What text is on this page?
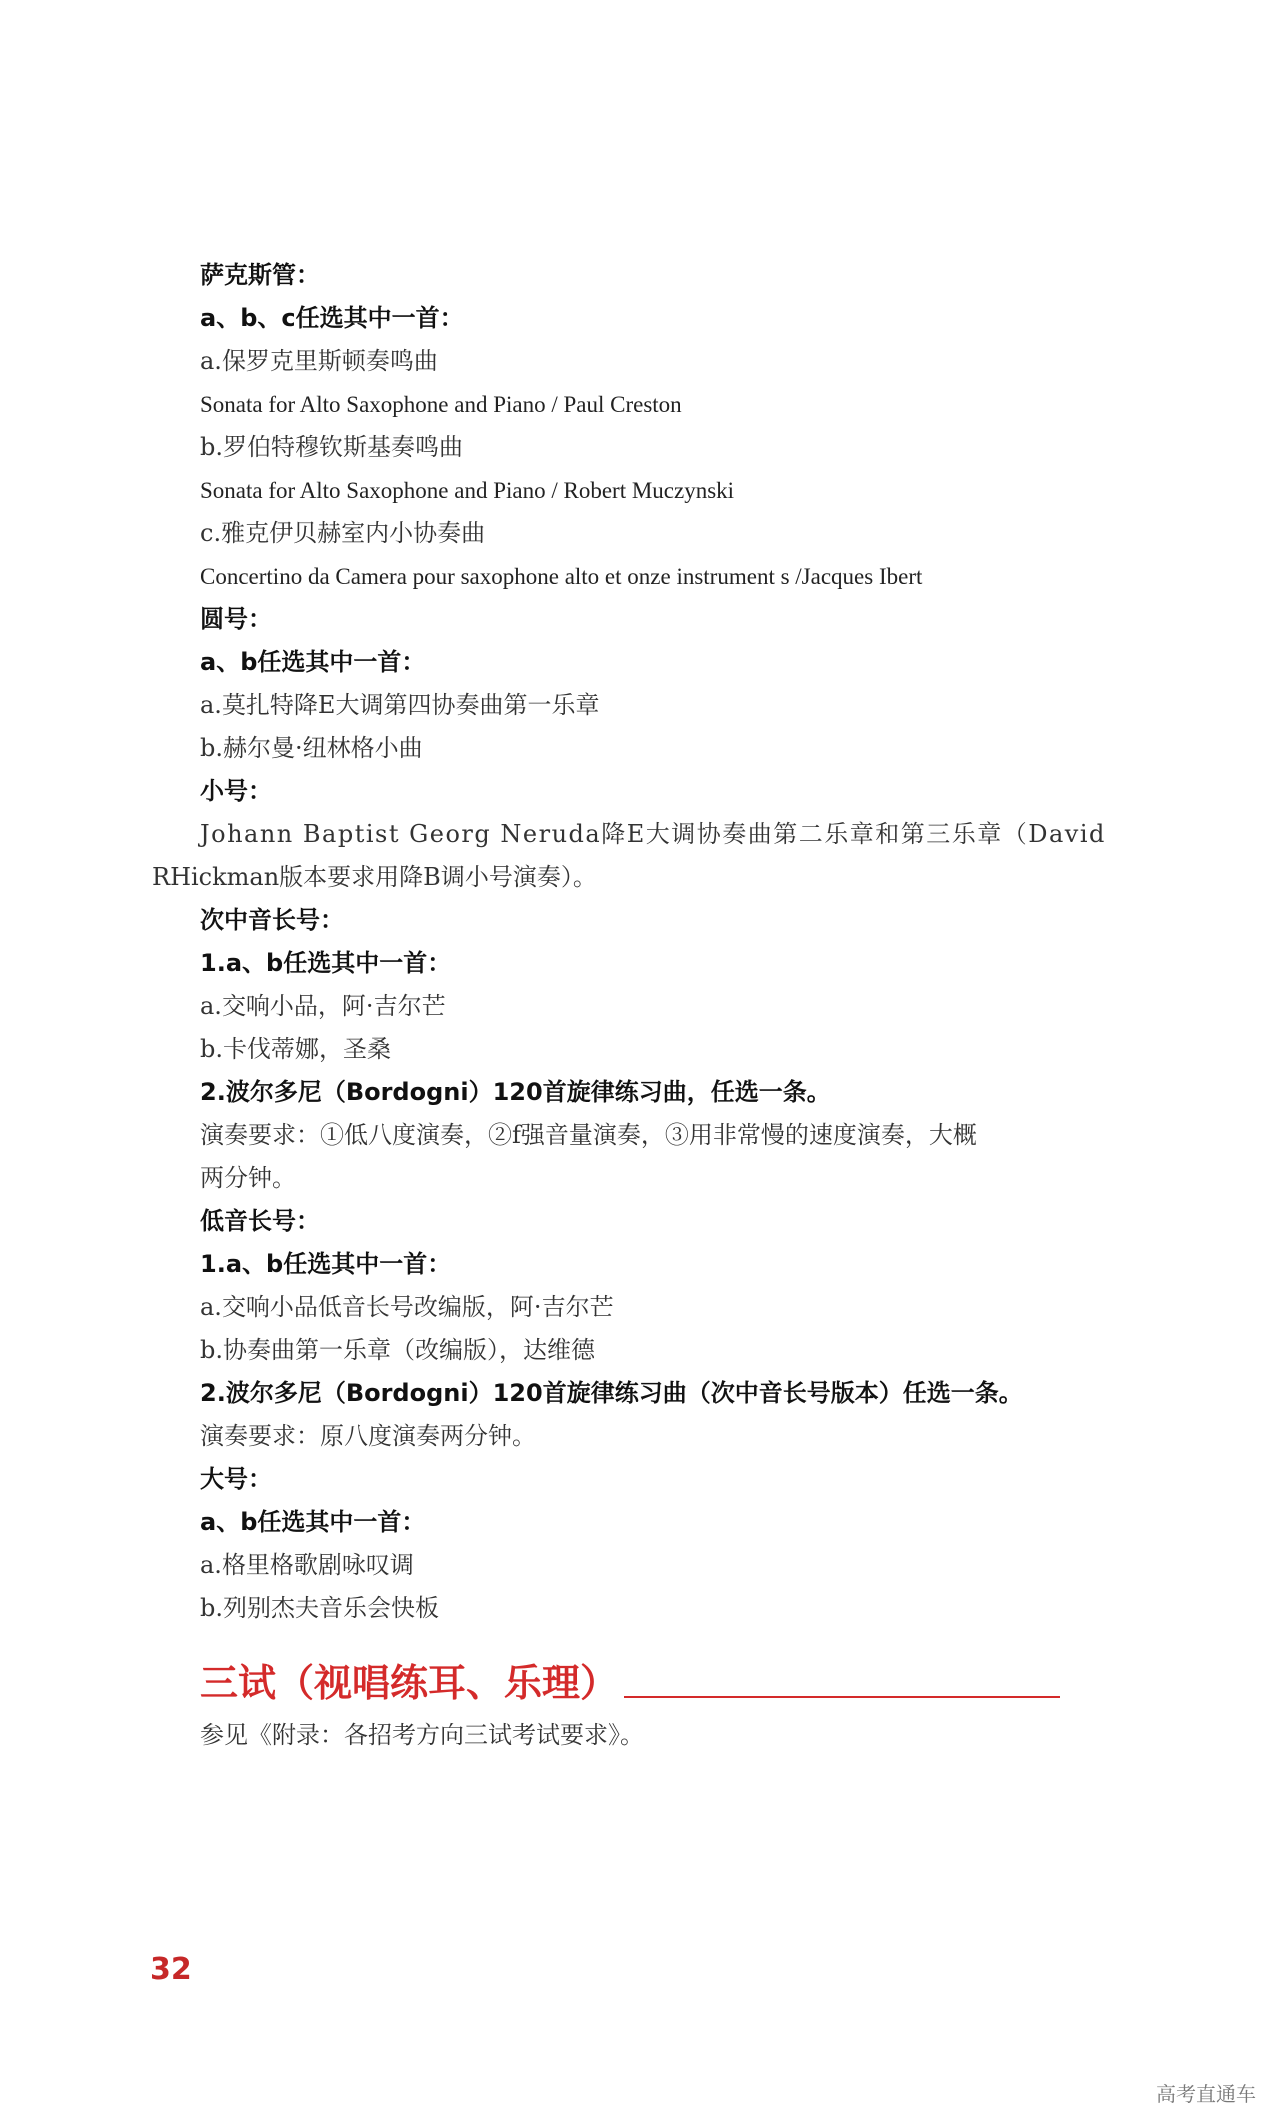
萨克斯管：
a、b、c任选其中一首：
a.保罗克里斯顿奏鸣曲
Sonata for Alto Saxophone and Piano / Paul Creston
b.罗伯特穆钦斯基奏鸣曲
Sonata for Alto Saxophone and Piano / Robert Muczynski
c.雅克伊贝赫室内小协奏曲
Concertino da Camera pour saxophone alto et onze instrument s /Jacques Ibert
圆号：
a、b任选其中一首：
a.莫扎特降E大调第四协奏曲第一乐章
b.赫尔曼·纽林格小曲
小号：
Johann Baptist Georg Neruda降E大调协奏曲第二乐章和第三乐章（David
RHickman版本要求用降B调小号演奏）。
次中音长号：
1.a、b任选其中一首：
a.交响小品，阿·吉尔芒
b.卡伐蒂娜，圣桑
2.波尔多尼（Bordogni）120首旋律练习曲，任选一条。
演奏要求：①低八度演奏，②f强音量演奏，③用非常慢的速度演奏，大概
两分钟。
低音长号：
1.a、b任选其中一首：
a.交响小品低音长号改编版，阿·吉尔芒
b.协奏曲第一乐章（改编版），达维德
2.波尔多尼（Bordogni）120首旋律练习曲（次中音长号版本）任选一条。
演奏要求：原八度演奏两分钟。
大号：
a、b任选其中一首：
a.格里格歌剧咏叹调
b.列别杰夫音乐会快板
三试（视唱练耳、乐理）
参见《附录：各招考方向三试考试要求》。
32
高考直通车
